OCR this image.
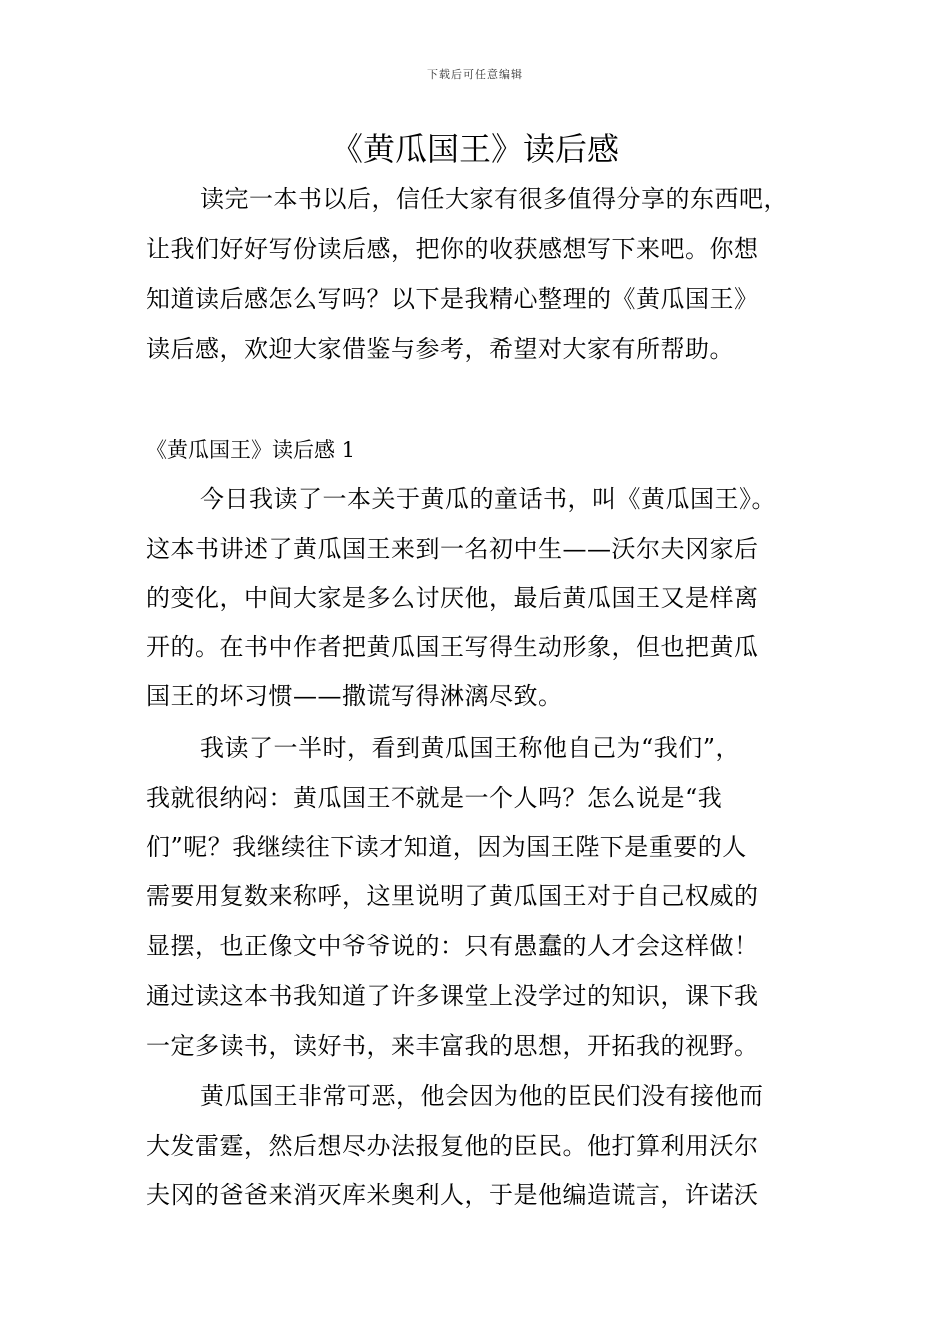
下载后可任意编辑
《黄瓜国王》读后感
读完一本书以后，信任大家有很多值得分享的东西吧，
让我们好好写份读后感，把你的收获感想写下来吧。你想
知道读后感怎么写吗？以下是我精心整理的《黄瓜国王》
读后感，欢迎大家借鉴与参考，希望对大家有所帮助。
《黄瓜国王》读后感 1
今日我读了一本关于黄瓜的童话书，叫《黄瓜国王》。
这本书讲述了黄瓜国王来到一名初中生——沃尔夫冈家后
的变化，中间大家是多么讨厌他，最后黄瓜国王又是样离
开的。在书中作者把黄瓜国王写得生动形象，但也把黄瓜
国王的坏习惯——撒谎写得淋漓尽致。
我读了一半时，看到黄瓜国王称他自己为“我们”，
我就很纳闷：黄瓜国王不就是一个人吗？怎么说是“我
们”呢？我继续往下读才知道，因为国王陛下是重要的人
需要用复数来称呼，这里说明了黄瓜国王对于自己权威的
显摆，也正像文中爷爷说的：只有愚蠢的人才会这样做！
通过读这本书我知道了许多课堂上没学过的知识，课下我
一定多读书，读好书，来丰富我的思想，开拓我的视野。
黄瓜国王非常可恶，他会因为他的臣民们没有接他而
大发雷霆，然后想尽办法报复他的臣民。他打算利用沃尔
夫冈的爸爸来消灭库米奥利人，于是他编造谎言，许诺沃
